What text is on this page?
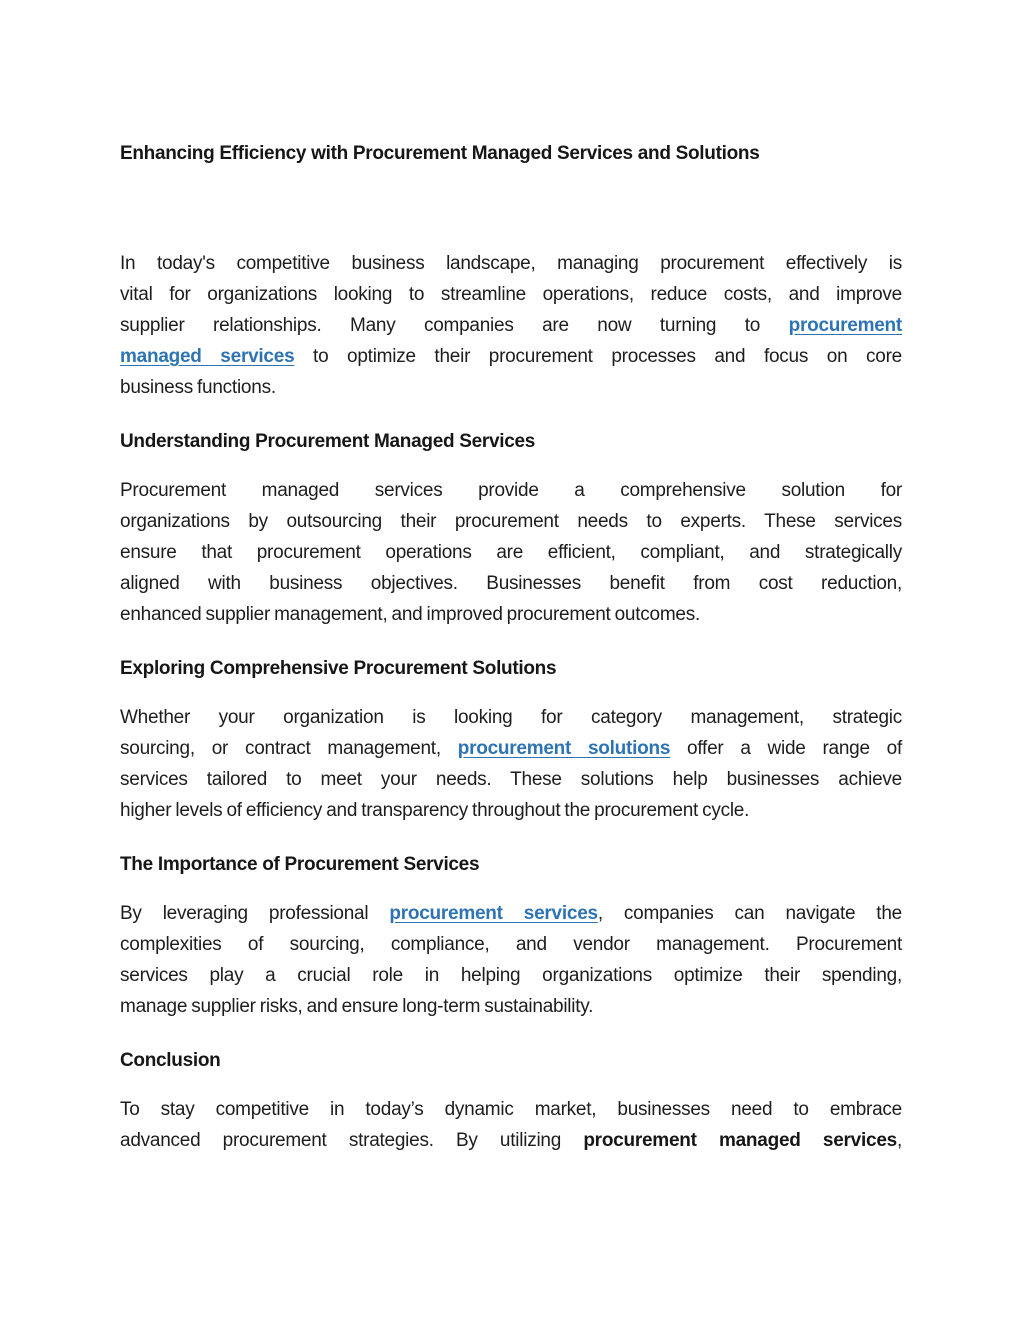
Enhancing Efficiency with Procurement Managed Services and Solutions
In today's competitive business landscape, managing procurement effectively is
vital for organizations looking to streamline operations, reduce costs, and improve
supplier relationships. Many companies are now turning to procurement
managed services to optimize their procurement processes and focus on core
business functions.
Understanding Procurement Managed Services
Procurement managed services provide a comprehensive solution for
organizations by outsourcing their procurement needs to experts. These services
ensure that procurement operations are efficient, compliant, and strategically
aligned with business objectives. Businesses benefit from cost reduction,
enhanced supplier management, and improved procurement outcomes.
Exploring Comprehensive Procurement Solutions
Whether your organization is looking for category management, strategic
sourcing, or contract management, procurement solutions offer a wide range of
services tailored to meet your needs. These solutions help businesses achieve
higher levels of efficiency and transparency throughout the procurement cycle.
The Importance of Procurement Services
By leveraging professional procurement services, companies can navigate the
complexities of sourcing, compliance, and vendor management. Procurement
services play a crucial role in helping organizations optimize their spending,
manage supplier risks, and ensure long-term sustainability.
Conclusion
To stay competitive in today’s dynamic market, businesses need to embrace
advanced procurement strategies. By utilizing procurement managed services,
